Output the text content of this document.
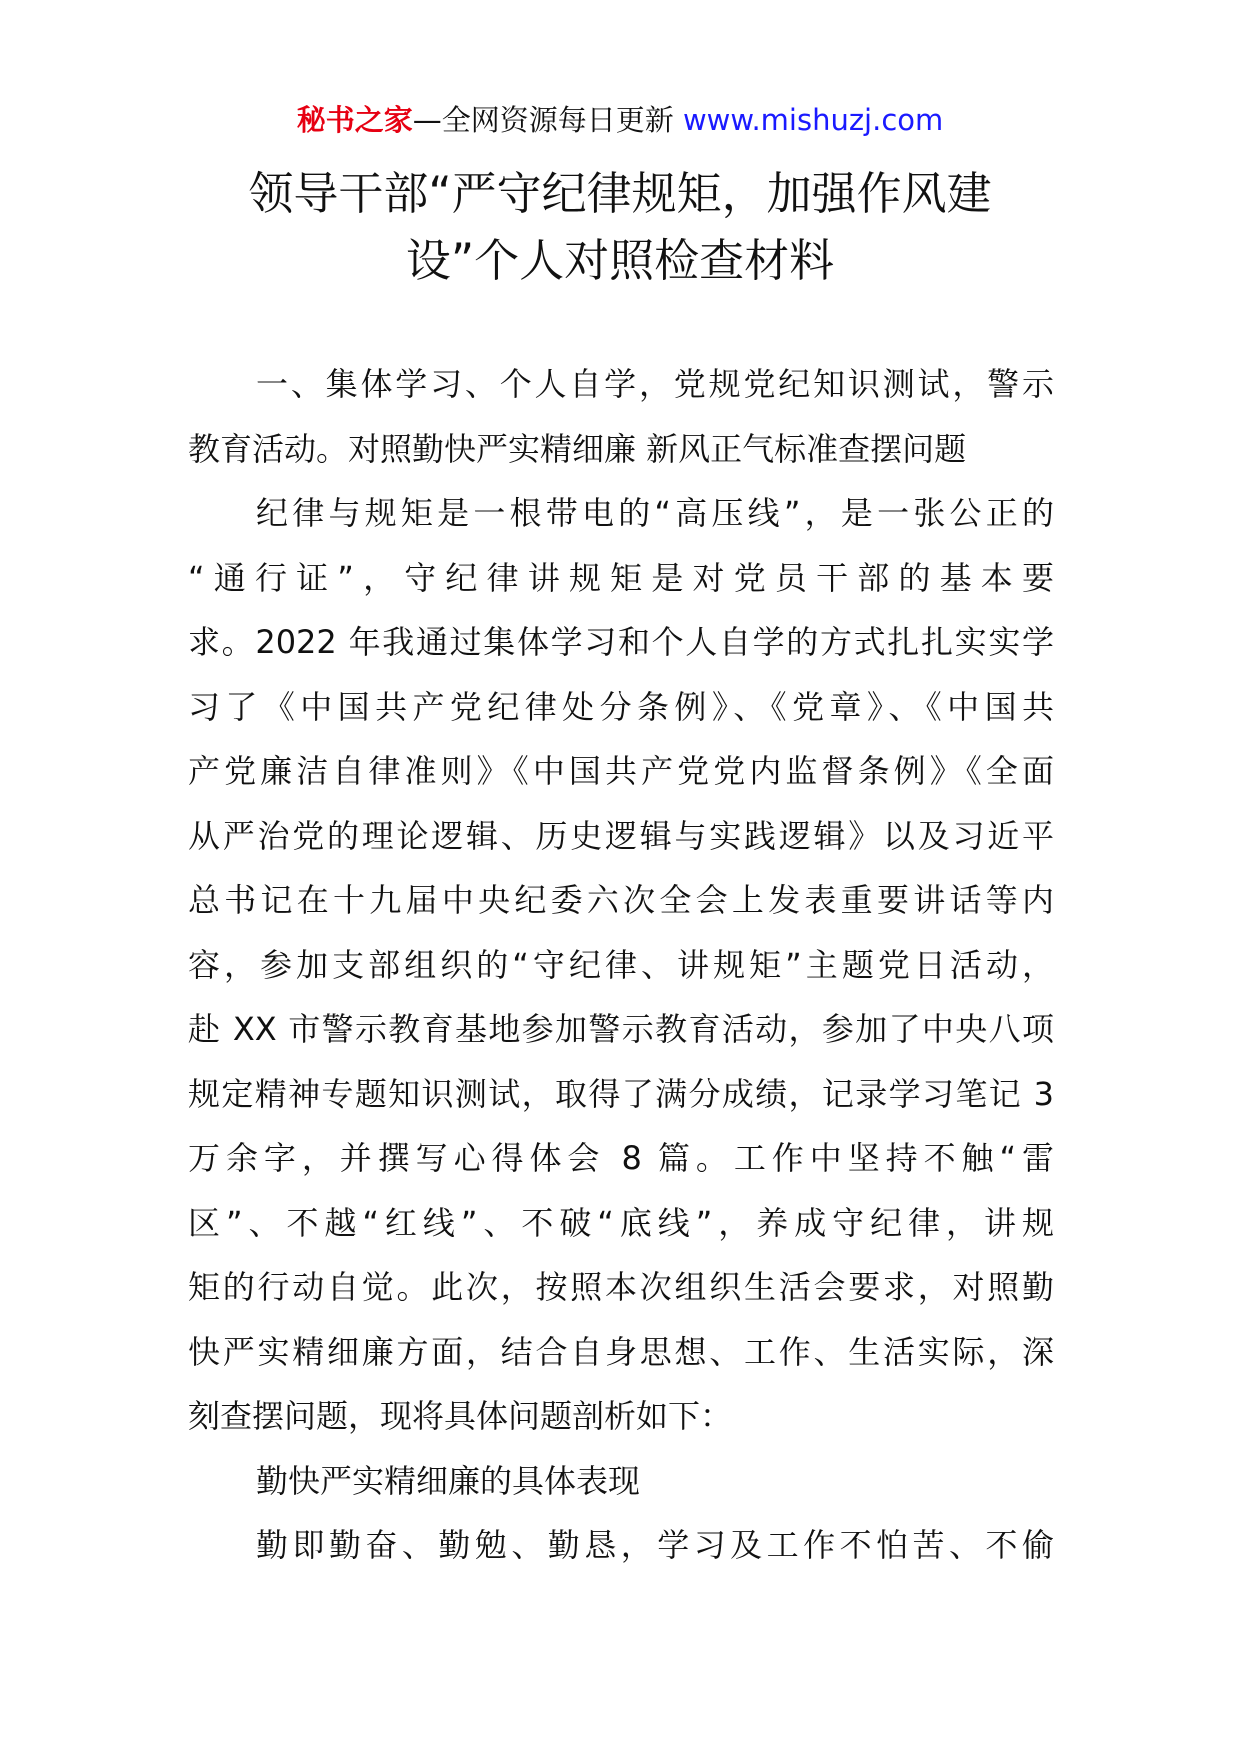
秘书之家—全网资源每日更新 www.mishuzj.com
领导干部“严守纪律规矩，加强作风建
设”个人对照检查材料
一、集体学习、个人自学，党规党纪知识测试，警示
教育活动。对照勤快严实精细廉 新风正气标准查摆问题
纪律与规矩是一根带电的“高压线”，是一张公正的
“通行证”，守纪律讲规矩是对党员干部的基本要
求。2022 年我通过集体学习和个人自学的方式扎扎实实学
习了《中国共产党纪律处分条例》、《党章》、《中国共
产党廉洁自律准则》《中国共产党党内监督条例》《全面
从严治党的理论逻辑、历史逻辑与实践逻辑》以及习近平
总书记在十九届中央纪委六次全会上发表重要讲话等内
容，参加支部组织的“守纪律、讲规矩”主题党日活动，
赴 XX 市警示教育基地参加警示教育活动，参加了中央八项
规定精神专题知识测试，取得了满分成绩，记录学习笔记 3
万余字，并撰写心得体会 8 篇。工作中坚持不触“雷
区”、不越“红线”、不破“底线”，养成守纪律，讲规
矩的行动自觉。此次，按照本次组织生活会要求，对照勤
快严实精细廉方面，结合自身思想、工作、生活实际，深
刻查摆问题，现将具体问题剖析如下：
勤快严实精细廉的具体表现
勤即勤奋、勤勉、勤恳，学习及工作不怕苦、不偷
